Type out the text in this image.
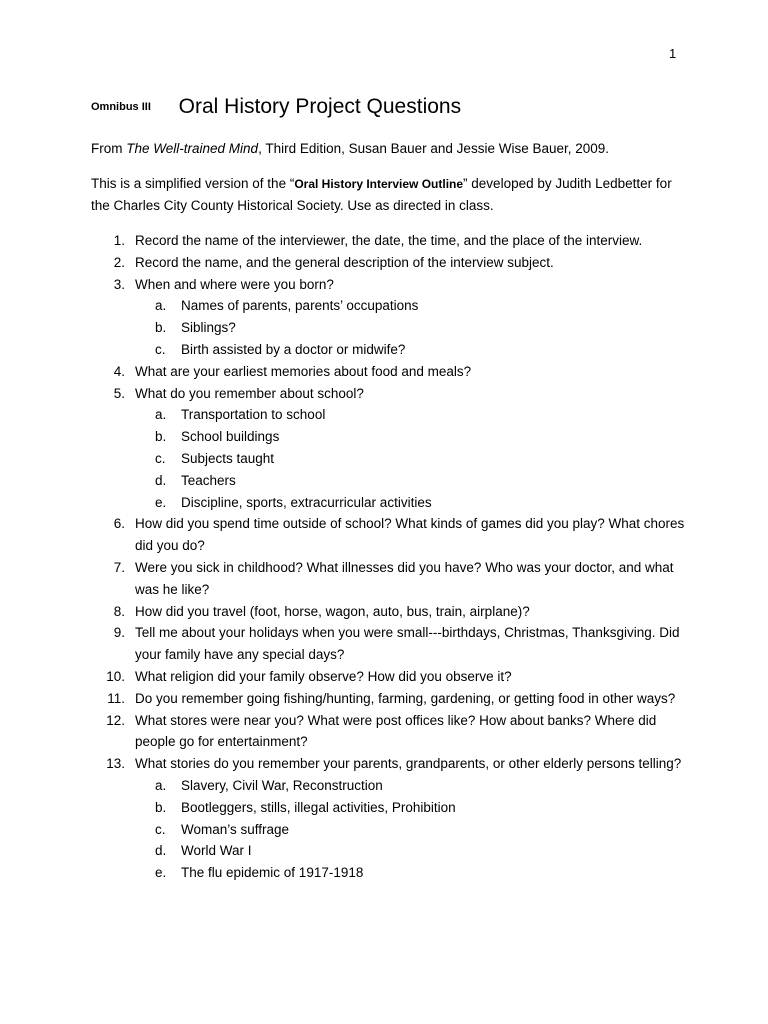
1
Omnibus III Oral History Project Questions
From The Well-trained Mind, Third Edition, Susan Bauer and Jessie Wise Bauer, 2009.
This is a simplified version of the “Oral History Interview Outline” developed by Judith Ledbetter for the Charles City County Historical Society. Use as directed in class.
1. Record the name of the interviewer, the date, the time, and the place of the interview.
2. Record the name, and the general description of the interview subject.
3. When and where were you born?
a.	Names of parents, parents’ occupations
b.	Siblings?
c.	Birth assisted by a doctor or midwife?
4. What are your earliest memories about food and meals?
5. What do you remember about school?
a.	Transportation to school
b.	School buildings
c.	Subjects taught
d.	Teachers
e.	Discipline, sports, extracurricular activities
6. How did you spend time outside of school? What kinds of games did you play? What chores did you do?
7. Were you sick in childhood? What illnesses did you have? Who was your doctor, and what was he like?
8. How did you travel (foot, horse, wagon, auto, bus, train, airplane)?
9. Tell me about your holidays when you were small---birthdays, Christmas, Thanksgiving. Did your family have any special days?
10. What religion did your family observe? How did you observe it?
11. Do you remember going fishing/hunting, farming, gardening, or getting food in other ways?
12. What stores were near you? What were post offices like? How about banks? Where did people go for entertainment?
13. What stories do you remember your parents, grandparents, or other elderly persons telling?
a.	Slavery, Civil War, Reconstruction
b.	Bootleggers, stills, illegal activities, Prohibition
c.	Woman’s suffrage
d.	World War I
e.	The flu epidemic of 1917-1918
